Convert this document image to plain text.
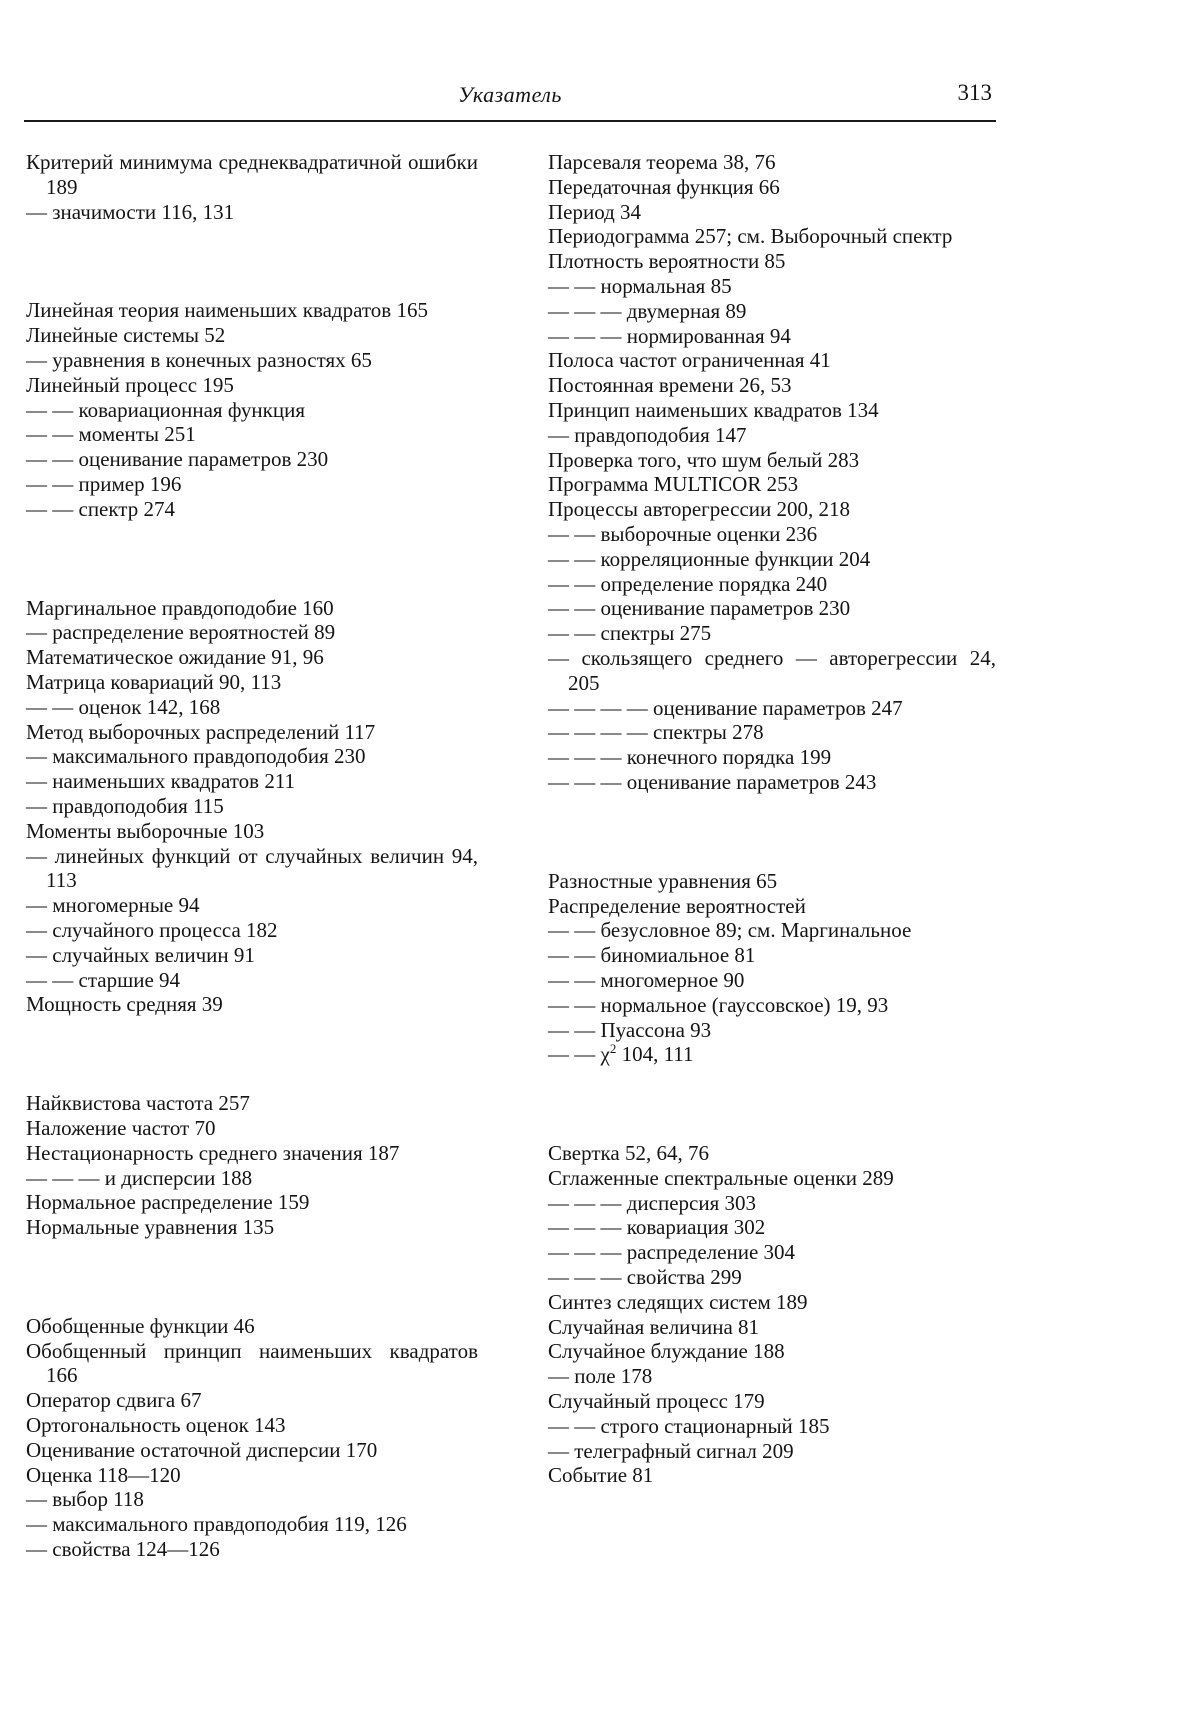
Указатель	313
Критерий минимума среднеквадратичной ошибки 189
— значимости 116, 131
Линейная теория наименьших квадратов 165
Линейные системы 52
— уравнения в конечных разностях 65
Линейный процесс 195
— — ковариационная функция
— — моменты 251
— — оценивание параметров 230
— — пример 196
— — спектр 274
Маргинальное правдоподобие 160
— распределение вероятностей 89
Математическое ожидание 91, 96
Матрица ковариаций 90, 113
— — оценок 142, 168
Метод выборочных распределений 117
— максимального правдоподобия 230
— наименьших квадратов 211
— правдоподобия 115
Моменты выборочные 103
— линейных функций от случайных величин 94, 113
— многомерные 94
— случайного процесса 182
— случайных величин 91
— — старшие 94
Мощность средняя 39
Найквистова частота 257
Наложение частот 70
Нестационарность среднего значения 187
— — — и дисперсии 188
Нормальное распределение 159
Нормальные уравнения 135
Обобщенные функции 46
Обобщенный принцип наименьших квадратов 166
Оператор сдвига 67
Ортогональность оценок 143
Оценивание остаточной дисперсии 170
Оценка 118—120
— выбор 118
— максимального правдоподобия 119, 126
— свойства 124—126
Парсеваля теорема 38, 76
Передаточная функция 66
Период 34
Периодограмма 257; см. Выборочный спектр
Плотность вероятности 85
— — нормальная 85
— — — двумерная 89
— — — нормированная 94
Полоса частот ограниченная 41
Постоянная времени 26, 53
Принцип наименьших квадратов 134
— правдоподобия 147
Проверка того, что шум белый 283
Программа MULTICOR 253
Процессы авторегрессии 200, 218
— — выборочные оценки 236
— — корреляционные функции 204
— — определение порядка 240
— — оценивание параметров 230
— — спектры 275
— скользящего среднего — авторегрессии 24, 205
— — — — оценивание параметров 247
— — — — спектры 278
— — — конечного порядка 199
— — — оценивание параметров 243
Разностные уравнения 65
Распределение вероятностей
— — безусловное 89; см. Маргинальное
— — биномиальное 81
— — многомерное 90
— — нормальное (гауссовское) 19, 93
— — Пуассона 93
— — $\chi^2$ 104, 111
Свертка 52, 64, 76
Сглаженные спектральные оценки 289
— — — дисперсия 303
— — — ковариация 302
— — — распределение 304
— — — свойства 299
Синтез следящих систем 189
Случайная величина 81
Случайное блуждание 188
— поле 178
Случайный процесс 179
— — строго стационарный 185
— телеграфный сигнал 209
Событие 81
